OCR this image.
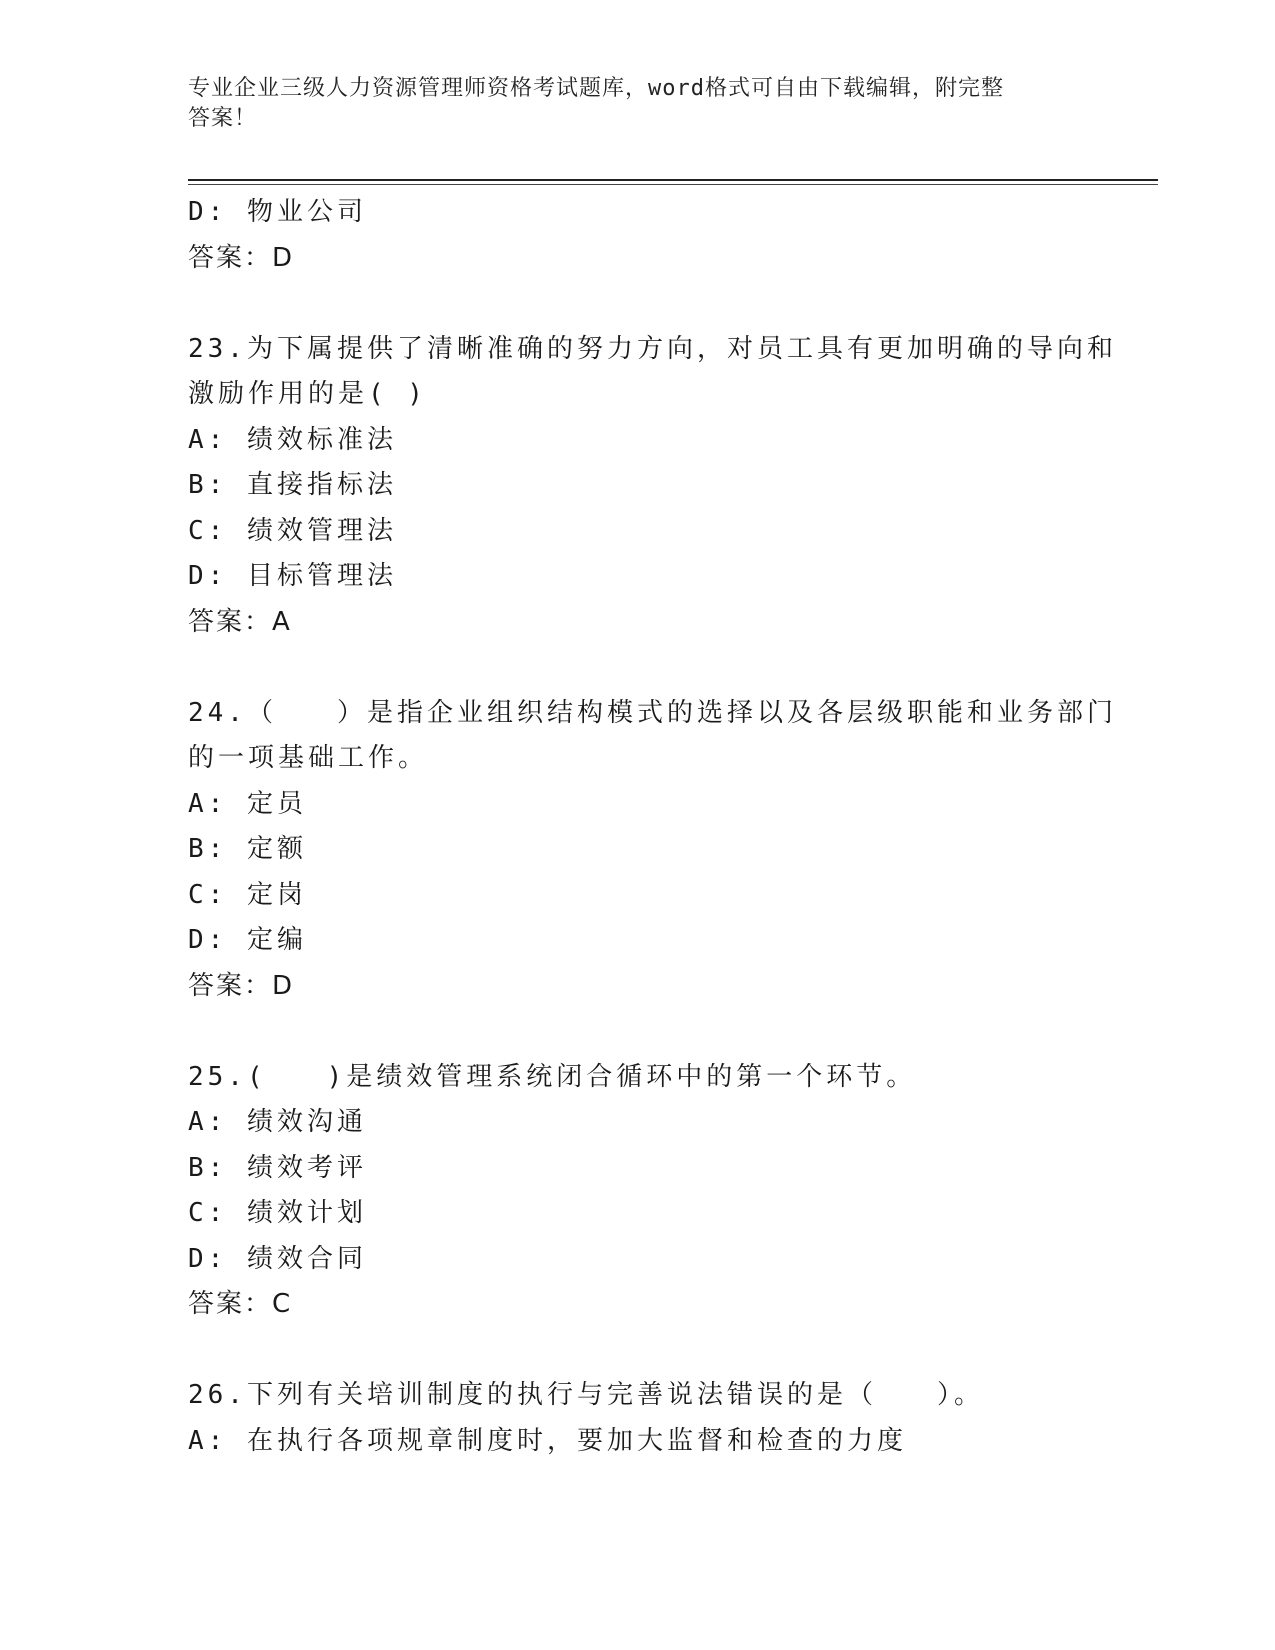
专业企业三级人力资源管理师资格考试题库，word格式可自由下载编辑，附完整
答案！

D: 物业公司

答案：D

23.为下属提供了清晰准确的努力方向，对员工具有更加明确的导向和

激励作用的是( )

A: 绩效标准法

B: 直接指标法

C: 绩效管理法

D: 目标管理法

答案：A

24.（　　）是指企业组织结构模式的选择以及各层级职能和业务部门

的一项基础工作。

A: 定员

B: 定额

C: 定岗

D: 定编

答案：D

25.(　　)是绩效管理系统闭合循环中的第一个环节。

A: 绩效沟通

B: 绩效考评

C: 绩效计划

D: 绩效合同

答案：C

26.下列有关培训制度的执行与完善说法错误的是（　　）。

A: 在执行各项规章制度时，要加大监督和检查的力度
